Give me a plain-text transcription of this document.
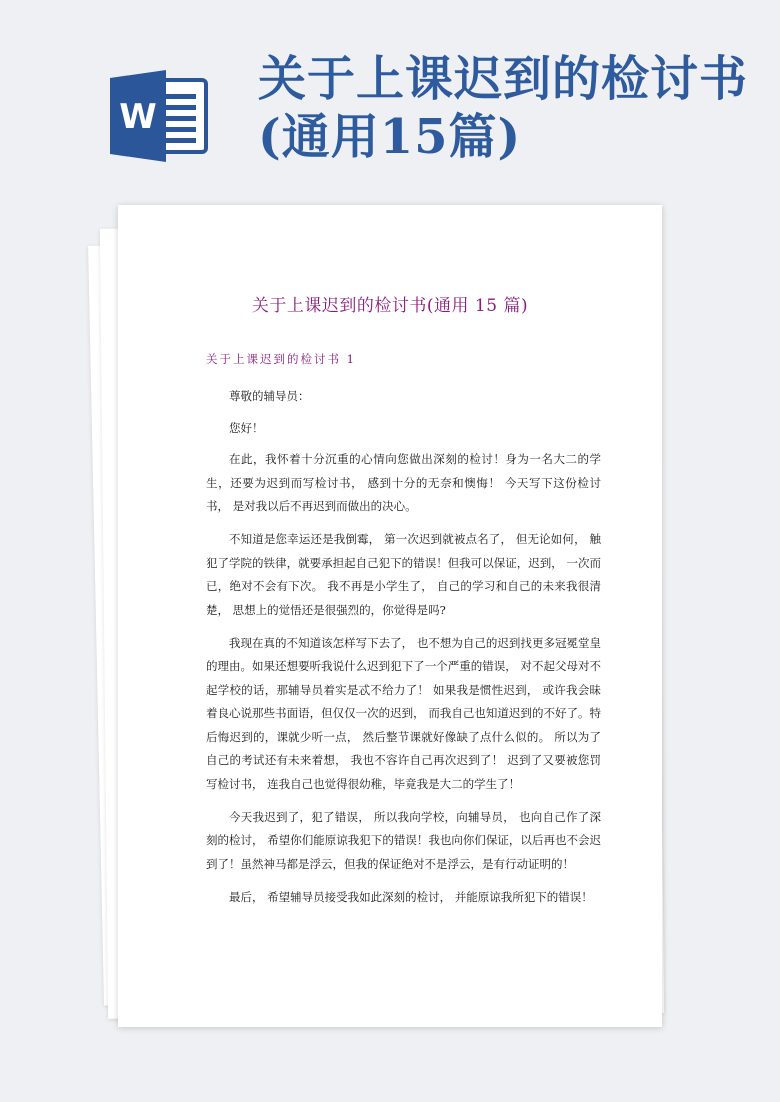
W
关于上课迟到的检讨书(通用15篇)
关于上课迟到的检讨书(通用 15 篇)
关于上课迟到的检讨书 1

尊敬的辅导员：

您好！

在此，我怀着十分沉重的心情向您做出深刻的检讨！身为一名大二的学生，还要为迟到而写检讨书， 感到十分的无奈和懊悔！ 今天写下这份检讨书， 是对我以后不再迟到而做出的决心。

不知道是您幸运还是我倒霉， 第一次迟到就被点名了， 但无论如何， 触犯了学院的铁律，就要承担起自己犯下的错误！但我可以保证，迟到， 一次而已，绝对不会有下次。 我不再是小学生了， 自己的学习和自己的未来我很清楚， 思想上的觉悟还是很强烈的，你觉得是吗?

我现在真的不知道该怎样写下去了， 也不想为自己的迟到找更多冠冕堂皇的理由。如果还想要听我说什么迟到犯下了一个严重的错误， 对不起父母对不起学校的话，那辅导员着实是忒不给力了！ 如果我是惯性迟到， 或许我会昧着良心说那些书面语，但仅仅一次的迟到， 而我自己也知道迟到的不好了。特后悔迟到的，课就少听一点， 然后整节课就好像缺了点什么似的。 所以为了自己的考试还有未来着想， 我也不容许自己再次迟到了！ 迟到了又要被您罚写检讨书， 连我自己也觉得很幼稚，毕竟我是大二的学生了！

今天我迟到了，犯了错误， 所以我向学校，向辅导员， 也向自己作了深刻的检讨， 希望你们能原谅我犯下的错误！我也向你们保证，以后再也不会迟到了！虽然神马都是浮云，但我的保证绝对不是浮云，是有行动证明的！

最后， 希望辅导员接受我如此深刻的检讨， 并能原谅我所犯下的错误！
